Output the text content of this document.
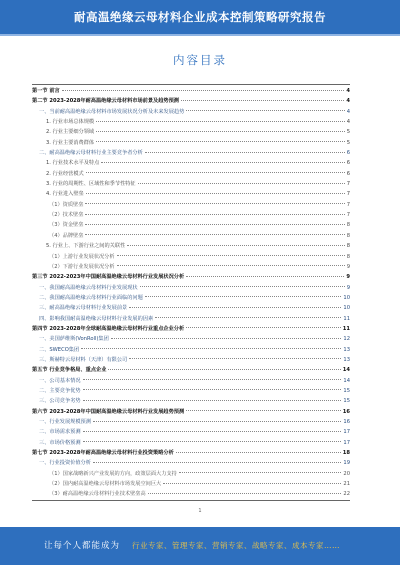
耐高温绝缘云母材料企业成本控制策略研究报告
内容目录
第一节 前言	4
第二节 2023-2028年耐高温绝缘云母材料市场前景及趋势预测	4
一、当前耐高温绝缘云母材料市场发展状况分析及未来发展趋势	4
1. 行业市场总体规模	4
2. 行业主要细分领域	5
3. 行业主要消费群体	5
二、耐高温绝缘云母材料行业主要竞争者分析	6
1. 行业技术水平及特点	6
2. 行业经营模式	6
3. 行业的周期性、区域性和季节性特征	7
4. 行业进入壁垒	7
（1）资质壁垒	7
（2）技术壁垒	7
（3）资金壁垒	8
（4）品牌壁垒	8
5. 行业上、下游行业之间的关联性	8
（1）上游行业发展状况分析	8
（2）下游行业发展状况分析	9
第三节 2022-2023年中国耐高温绝缘云母材料行业发展状况分析	9
一、我国耐高温绝缘云母材料行业发展现状	9
二、我国耐高温绝缘云母材料行业面临的问题	10
三、耐高温绝缘云母材料行业发展前景	10
四、影响我国耐高温绝缘云母材料行业发展的因素	11
第四节 2023-2028年全球耐高温绝缘云母材料行业重点企业分析	11
一、美国萨维斯(VonRoll)集团	12
二、SWECO集团	13
三、斯赫特云母材料（天津）有限公司	13
第五节 行业竞争格局、重点企业	14
一、公司基本情况	14
二、主要竞争优势	15
三、公司竞争劣势	15
第六节 2023-2028年中国耐高温绝缘云母材料行业发展趋势预测	16
一、行业发展规模预测	16
二、市场需求预测	17
三、市场价格预测	17
第七节 2023-2028年耐高温绝缘云母材料行业投资策略分析	18
一、行业投资价值分析	19
（1）国家战略新兴产业发展的方向，政策层面大力支持	20
（2）国内耐高温绝缘云母材料市场发展空间巨大	21
（3）耐高温绝缘云母材料行业技术壁垒高	22
1
让每个人都能成为 行业专家、管理专家、营销专家、战略专家、成本专家……
